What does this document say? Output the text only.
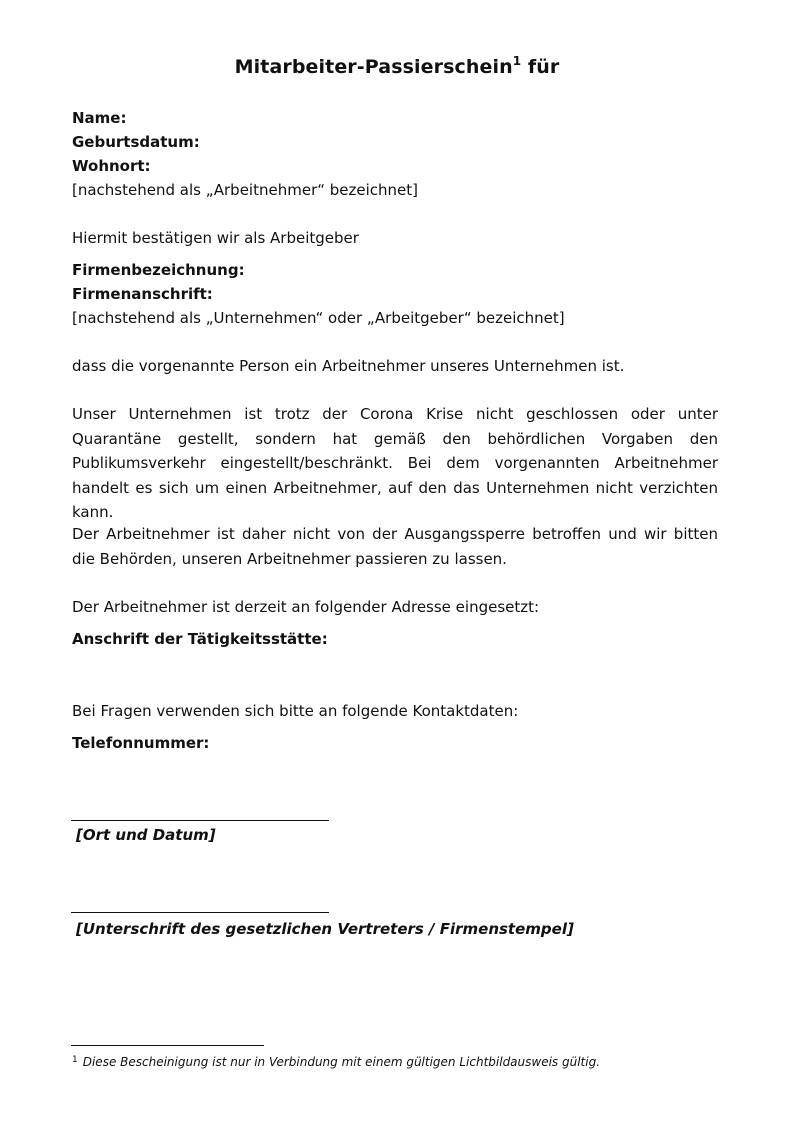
Mitarbeiter-Passierschein$^1$ für
Name:
Geburtsdatum:
Wohnort:
[nachstehend als „Arbeitnehmer“ bezeichnet]
Hiermit bestätigen wir als Arbeitgeber
Firmenbezeichnung:
Firmenanschrift:
[nachstehend als „Unternehmen“ oder „Arbeitgeber“ bezeichnet]
dass die vorgenannte Person ein Arbeitnehmer unseres Unternehmen ist.
Unser Unternehmen ist trotz der Corona Krise nicht geschlossen oder unter Quarantäne gestellt, sondern hat gemäß den behördlichen Vorgaben den Publikumsverkehr eingestellt/beschränkt. Bei dem vorgenannten Arbeitnehmer handelt es sich um einen Arbeitnehmer, auf den das Unternehmen nicht verzichten kann.
Der Arbeitnehmer ist daher nicht von der Ausgangssperre betroffen und wir bitten die Behörden, unseren Arbeitnehmer passieren zu lassen.
Der Arbeitnehmer ist derzeit an folgender Adresse eingesetzt:
Anschrift der Tätigkeitsstätte:
Bei Fragen verwenden sich bitte an folgende Kontaktdaten:
Telefonnummer:
[Ort und Datum]
[Unterschrift des gesetzlichen Vertreters / Firmenstempel]
$^1$ Diese Bescheinigung ist nur in Verbindung mit einem gültigen Lichtbildausweis gültig.
